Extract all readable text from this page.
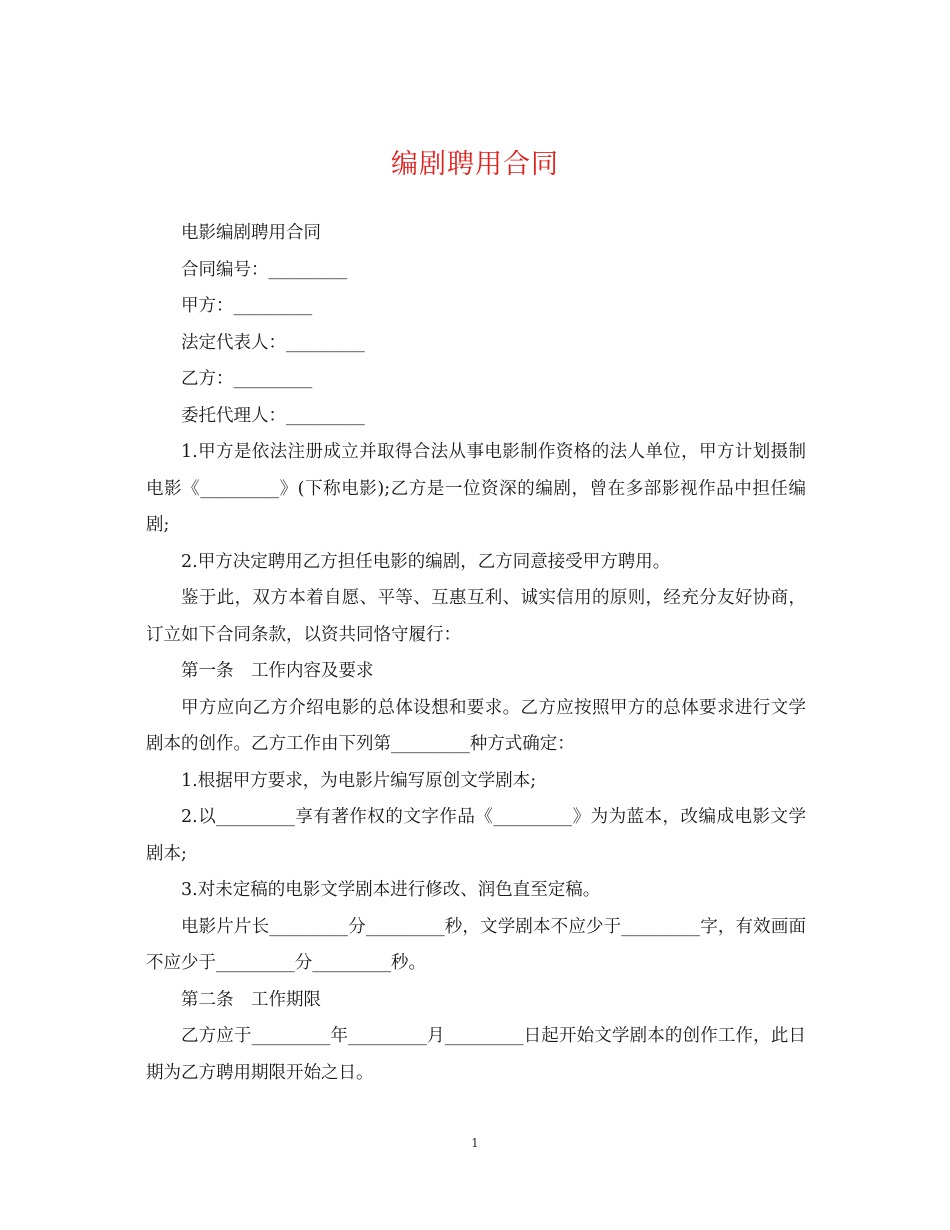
编剧聘用合同

电影编剧聘用合同

合同编号：_________

甲方：_________

法定代表人：_________

乙方：_________

委托代理人：_________

1.甲方是依法注册成立并取得合法从事电影制作资格的法人单位，甲方计划摄制电影《_________》(下称电影);乙方是一位资深的编剧，曾在多部影视作品中担任编剧;

2.甲方决定聘用乙方担任电影的编剧，乙方同意接受甲方聘用。

鉴于此，双方本着自愿、平等、互惠互利、诚实信用的原则，经充分友好协商，订立如下合同条款，以资共同恪守履行：

第一条　工作内容及要求

甲方应向乙方介绍电影的总体设想和要求。乙方应按照甲方的总体要求进行文学剧本的创作。乙方工作由下列第_________种方式确定：

1.根据甲方要求，为电影片编写原创文学剧本;

2.以_________享有著作权的文字作品《_________》为为蓝本，改编成电影文学剧本;

3.对未定稿的电影文学剧本进行修改、润色直至定稿。

电影片片长_________分_________秒，文学剧本不应少于_________字，有效画面不应少于_________分_________秒。

第二条　工作期限

乙方应于_________年_________月_________日起开始文学剧本的创作工作，此日期为乙方聘用期限开始之日。

1
